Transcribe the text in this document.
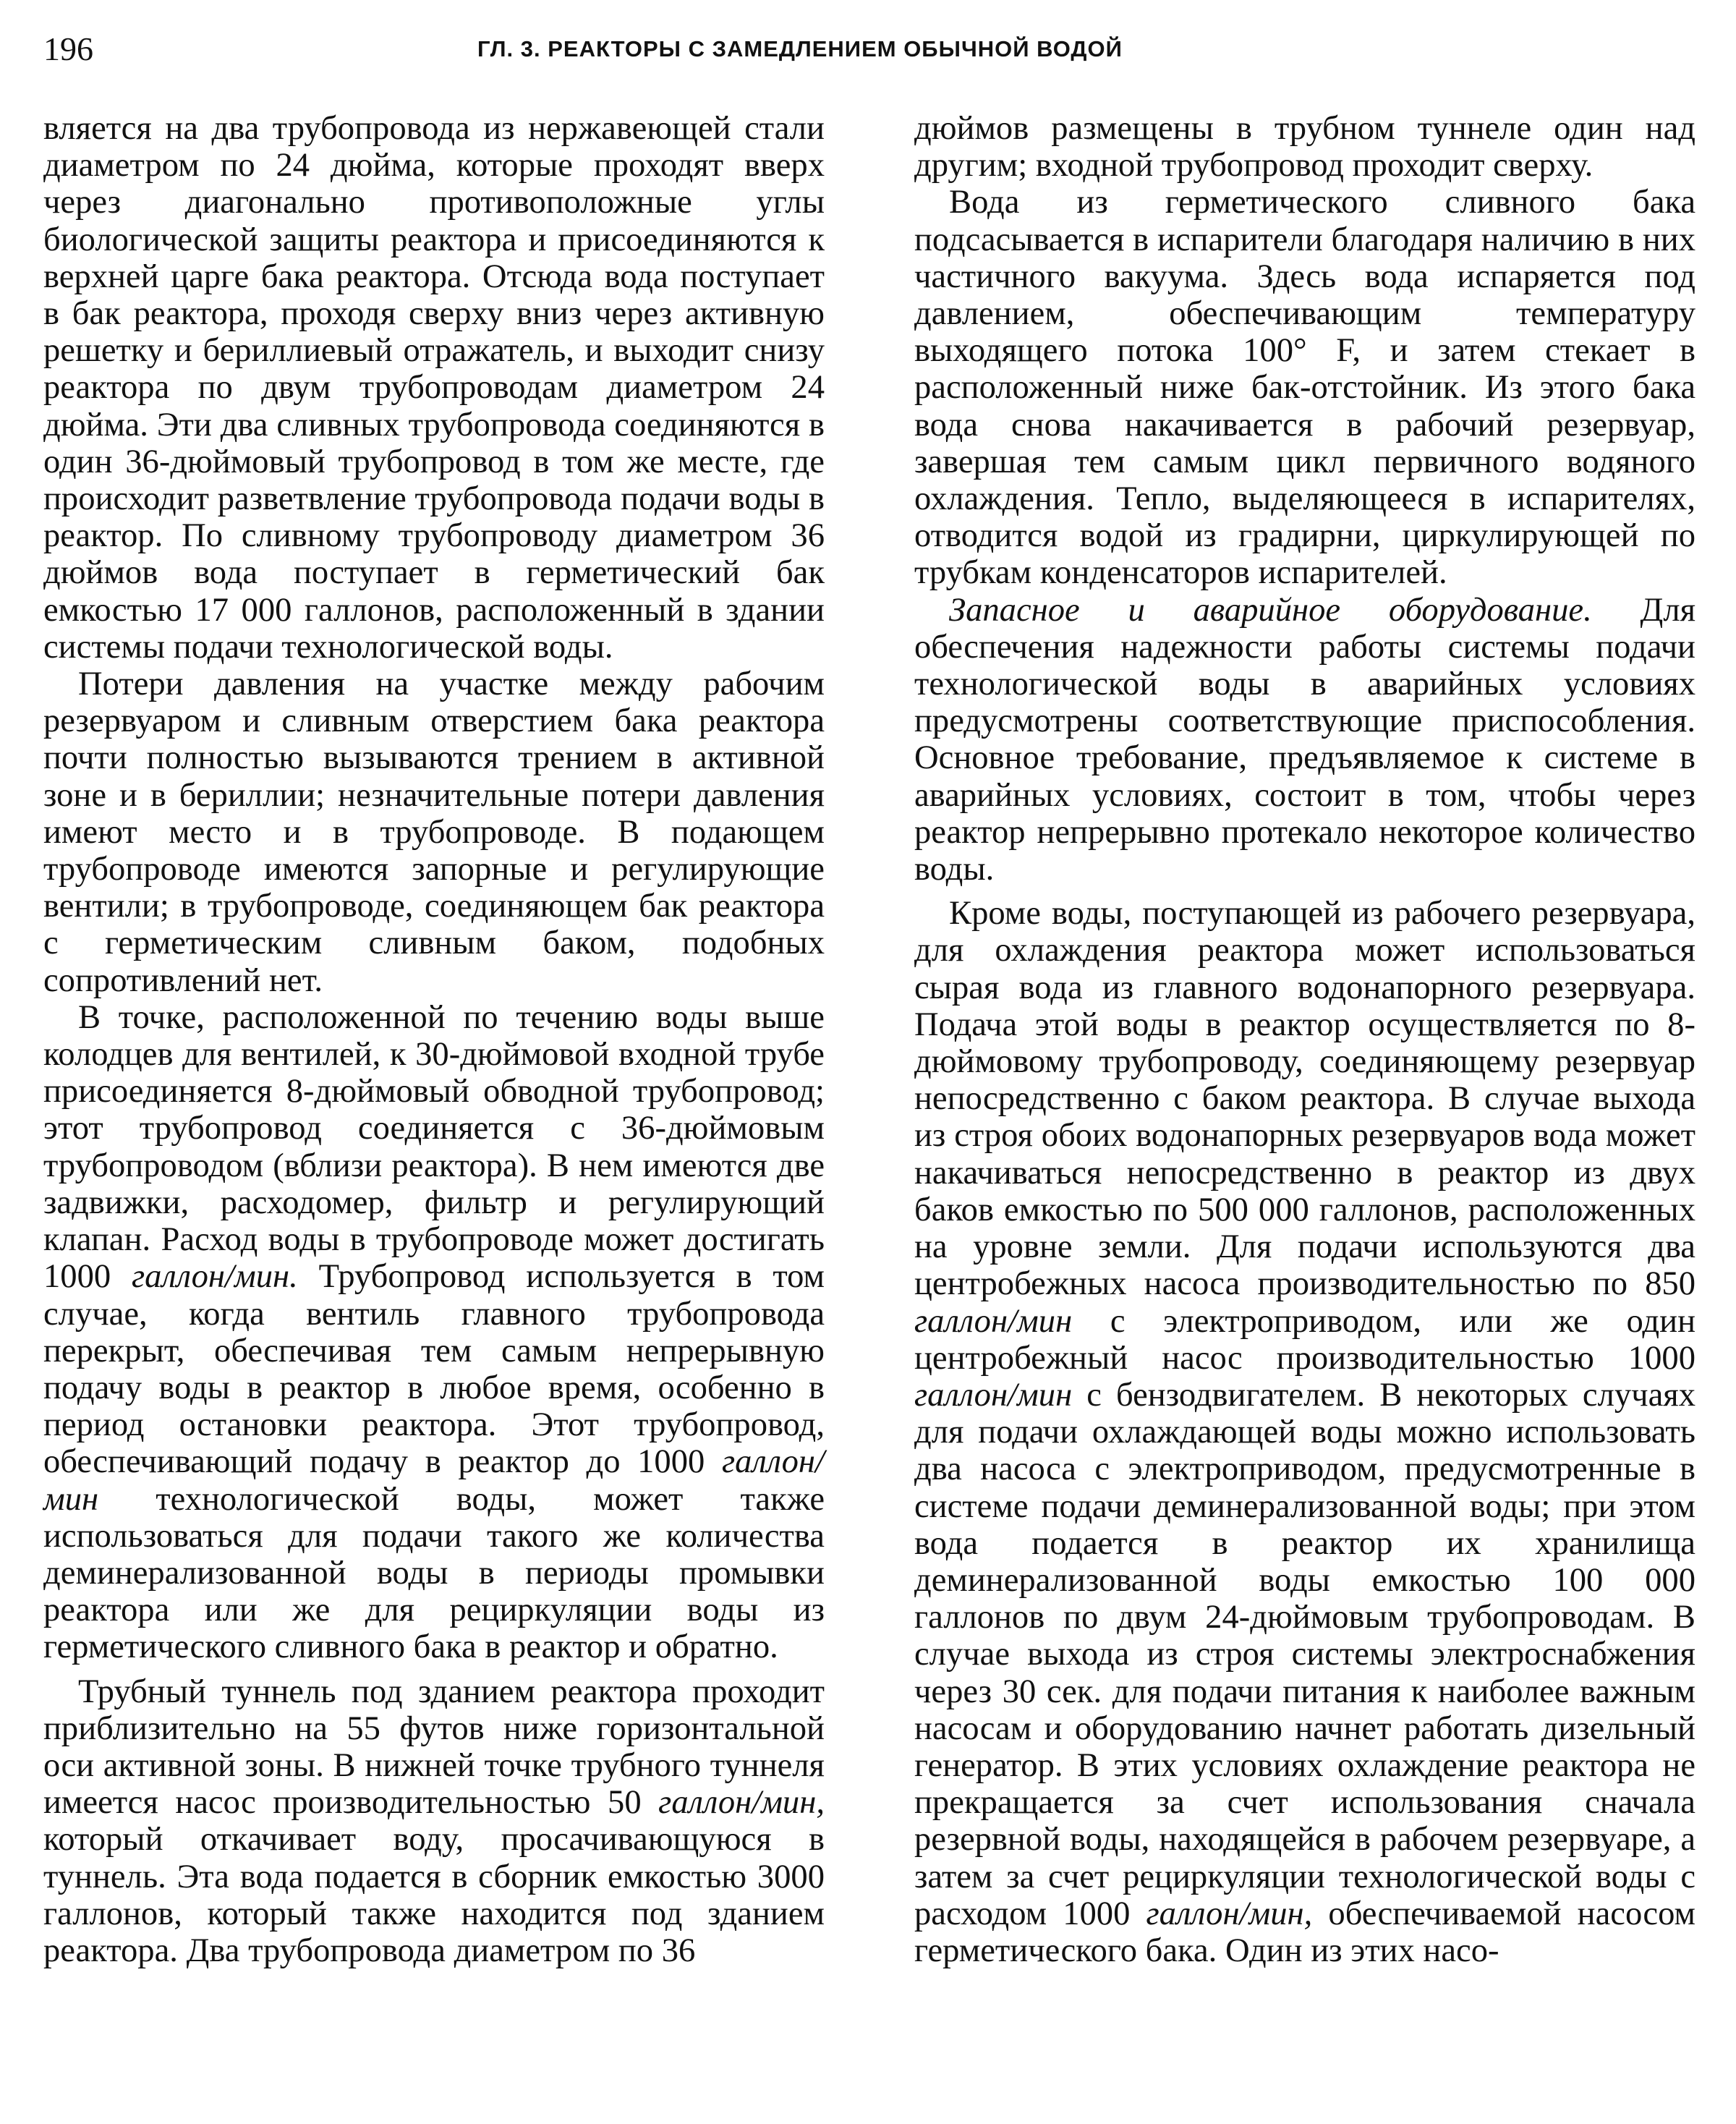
196	ГЛ. 3. РЕАКТОРЫ С ЗАМЕДЛЕНИЕМ ОБЫЧНОЙ ВОДОЙ

вляется на два трубопровода из нержавеющей стали диаметром по 24 дюйма, которые проходят вверх через диагонально противоположные углы биологической защиты реактора и присоединяются к верхней царге бака реактора. Отсюда вода поступает в бак реактора, проходя сверху вниз через активную решетку и бериллиевый отражатель, и выходит снизу реактора по двум трубопроводам диаметром 24 дюйма. Эти два сливных трубопровода соединяются в один 36-дюймовый трубопровод в том же месте, где происходит разветвление трубопровода подачи воды в реактор. По сливному трубопроводу диаметром 36 дюймов вода поступает в герметический бак емкостью 17 000 галлонов, расположенный в здании системы подачи технологической воды.

Потери давления на участке между рабочим резервуаром и сливным отверстием бака реактора почти полностью вызываются трением в активной зоне и в бериллии; незначительные потери давления имеют место и в трубопроводе. В подающем трубопроводе имеются запорные и регулирующие вентили; в трубопроводе, соединяющем бак реактора с герметическим сливным баком, подобных сопротивлений нет.

В точке, расположенной по течению воды выше колодцев для вентилей, к 30-дюймовой входной трубе присоединяется 8-дюймовый обводной трубопровод; этот трубопровод соединяется с 36-дюймовым трубопроводом (вблизи реактора). В нем имеются две задвижки, расходомер, фильтр и регулирующий клапан. Расход воды в трубопроводе может достигать 1000 галлон/мин. Трубопровод используется в том случае, когда вентиль главного трубопровода перекрыт, обеспечивая тем самым непрерывную подачу воды в реактор в любое время, особенно в период остановки реактора. Этот трубопровод, обеспечивающий подачу в реактор до 1000 галлон/мин технологической воды, может также использоваться для подачи такого же количества деминерализованной воды в периоды промывки реактора или же для рециркуляции воды из герметического сливного бака в реактор и обратно.

Трубный туннель под зданием реактора проходит приблизительно на 55 футов ниже горизонтальной оси активной зоны. В нижней точке трубного туннеля имеется насос производительностью 50 галлон/мин, который откачивает воду, просачивающуюся в туннель. Эта вода подается в сборник емкостью 3000 галлонов, который также находится под зданием реактора. Два трубопровода диаметром по 36

дюймов размещены в трубном туннеле один над другим; входной трубопровод проходит сверху.

Вода из герметического сливного бака подсасывается в испарители благодаря наличию в них частичного вакуума. Здесь вода испаряется под давлением, обеспечивающим температуру выходящего потока 100° F, и затем стекает в расположенный ниже бак-отстойник. Из этого бака вода снова накачивается в рабочий резервуар, завершая тем самым цикл первичного водяного охлаждения. Тепло, выделяющееся в испарителях, отводится водой из градирни, циркулирующей по трубкам конденсаторов испарителей.

Запасное и аварийное оборудование. Для обеспечения надежности работы системы подачи технологической воды в аварийных условиях предусмотрены соответствующие приспособления. Основное требование, предъявляемое к системе в аварийных условиях, состоит в том, чтобы через реактор непрерывно протекало некоторое количество воды.

Кроме воды, поступающей из рабочего резервуара, для охлаждения реактора может использоваться сырая вода из главного водонапорного резервуара. Подача этой воды в реактор осуществляется по 8-дюймовому трубопроводу, соединяющему резервуар непосредственно с баком реактора. В случае выхода из строя обоих водонапорных резервуаров вода может накачиваться непосредственно в реактор из двух баков емкостью по 500 000 галлонов, расположенных на уровне земли. Для подачи используются два центробежных насоса производительностью по 850 галлон/мин с электроприводом, или же один центробежный насос производительностью 1000 галлон/мин с бензодвигателем. В некоторых случаях для подачи охлаждающей воды можно использовать два насоса с электроприводом, предусмотренные в системе подачи деминерализованной воды; при этом вода подается в реактор их хранилища деминерализованной воды емкостью 100 000 галлонов по двум 24-дюймовым трубопроводам. В случае выхода из строя системы электроснабжения через 30 сек. для подачи питания к наиболее важным насосам и оборудованию начнет работать дизельный генератор. В этих условиях охлаждение реактора не прекращается за счет использования сначала резервной воды, находящейся в рабочем резервуаре, а затем за счет рециркуляции технологической воды с расходом 1000 галлон/мин, обеспечиваемой насосом герметического бака. Один из этих насо-
